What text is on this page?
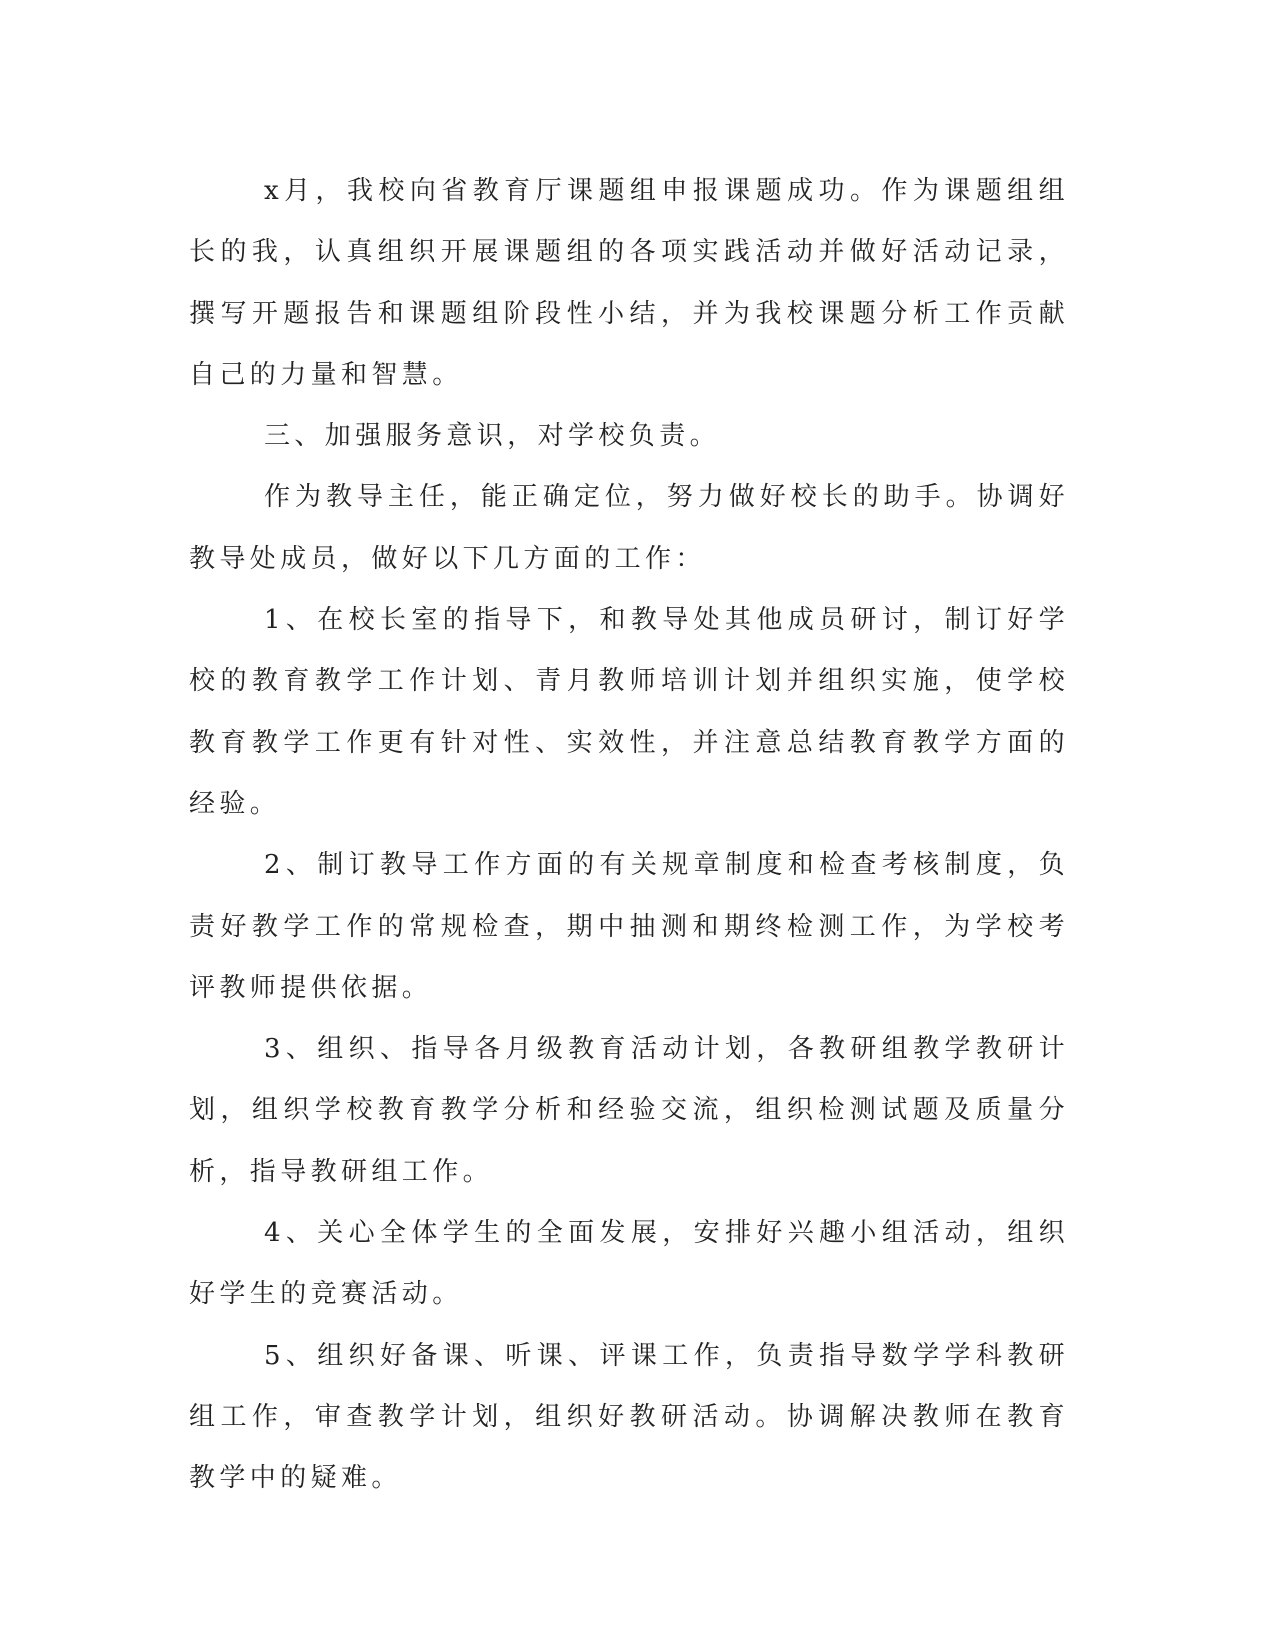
x月，我校向省教育厅课题组申报课题成功。作为课题组组长的我，认真组织开展课题组的各项实践活动并做好活动记录，撰写开题报告和课题组阶段性小结，并为我校课题分析工作贡献自己的力量和智慧。

三、加强服务意识，对学校负责。

作为教导主任，能正确定位，努力做好校长的助手。协调好教导处成员，做好以下几方面的工作：

1、在校长室的指导下，和教导处其他成员研讨，制订好学校的教育教学工作计划、青月教师培训计划并组织实施，使学校教育教学工作更有针对性、实效性，并注意总结教育教学方面的经验。

2、制订教导工作方面的有关规章制度和检查考核制度，负责好教学工作的常规检查，期中抽测和期终检测工作，为学校考评教师提供依据。

3、组织、指导各月级教育活动计划，各教研组教学教研计划，组织学校教育教学分析和经验交流，组织检测试题及质量分析，指导教研组工作。

4、关心全体学生的全面发展，安排好兴趣小组活动，组织好学生的竞赛活动。

5、组织好备课、听课、评课工作，负责指导数学学科教研组工作，审查教学计划，组织好教研活动。协调解决教师在教育教学中的疑难。
